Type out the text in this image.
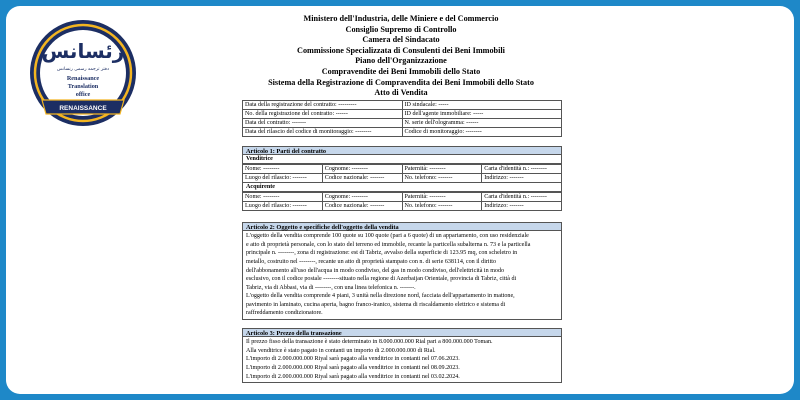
رئسانس
دفتر ترجمه رسمی رنسانس
Renaissance
Translation
office
RENAISSANCE
Ministero dell'Industria, delle Miniere e del Commercio
Consiglio Supremo di Controllo
Camera del Sindacato
Commissione Specializzata di Consulenti dei Beni Immobili
Piano dell'Organizzazione
Compravendite dei Beni Immobili dello Stato
Sistema della Registrazione di Compravendita dei Beni Immobili dello Stato
Atto di Vendita
Data della registrazione del contratto: ---------	ID sindacale: -----
No. della registrazione del contratto: ------	ID dell'agente immobiliare: -----
Data del contratto: -------	N. serie dell'ologramma: ------
Data del rilascio del codice di monitoraggio: --------	Codice di monitoraggio: --------
Articolo 1: Parti del contratto
Venditrice
Nome: --------	Cognome: --------	Paternità: --------	Carta d'identità n.: --------
Luogo del rilascio: -------	Codice nazionale: -------	No. telefono: -------	Indirizzo: -------
Acquirente
Nome: --------	Cognome: --------	Paternità: --------	Carta d'identità n.: --------
Luogo del rilascio: -------	Codice nazionale: -------	No. telefono: -------	Indirizzo: -------
Articolo 2: Oggetto e specifiche dell'oggetto della vendita
L'oggetto della vendita comprende 100 quote su 100 quote (pari a 6 quote) di un appartamento, con uso residenziale
e atto di proprietà personale, con lo stato del terreno ed immobile, recante la particella subalterna n. 73 e la particella
principale n. --------, zona di registrazione: est di Tabriz, avvalso della superficie di 123.95 mq, con scheletro in
metallo, costruito nel --------, recante un atto di proprietà stampato con n. di serie 638114, con il diritto
dell'abbonamento all'uso dell'acqua in modo condiviso, del gas in modo condiviso, dell'elettricità in modo
esclusivo, con il codice postale --------situato nella regione di Azerbaijan Orientale, provincia di Tabriz, città di
Tabriz, via di Abbasi, via di --------, con una linea telefonica n. -------.
L'oggetto della vendita comprende 4 piani, 3 unità nella direzione nord, facciata dell'appartamento in mattone,
pavimento in laminato, cucina aperta, bagno franco-iranico, sistema di riscaldamento elettrico e sistema di
raffreddamento condizionatore.
Articolo 3: Prezzo della transazione
Il prezzo fisso della transazione è stato determinato in 8.000.000.000 Rial pari a 800.000.000 Toman.
Alla venditrice è stato pagato in contanti un importo di 2.000.000.000 di Rial.
L'importo di 2.000.000.000 Riyal sarà pagato alla venditrice in contanti nel 07.06.2023.
L'importo di 2.000.000.000 Riyal sarà pagato alla venditrice in contanti nel 08.09.2023.
L'importo di 2.000.000.000 Riyal sarà pagato alla venditrice in contanti nel 03.02.2024.
